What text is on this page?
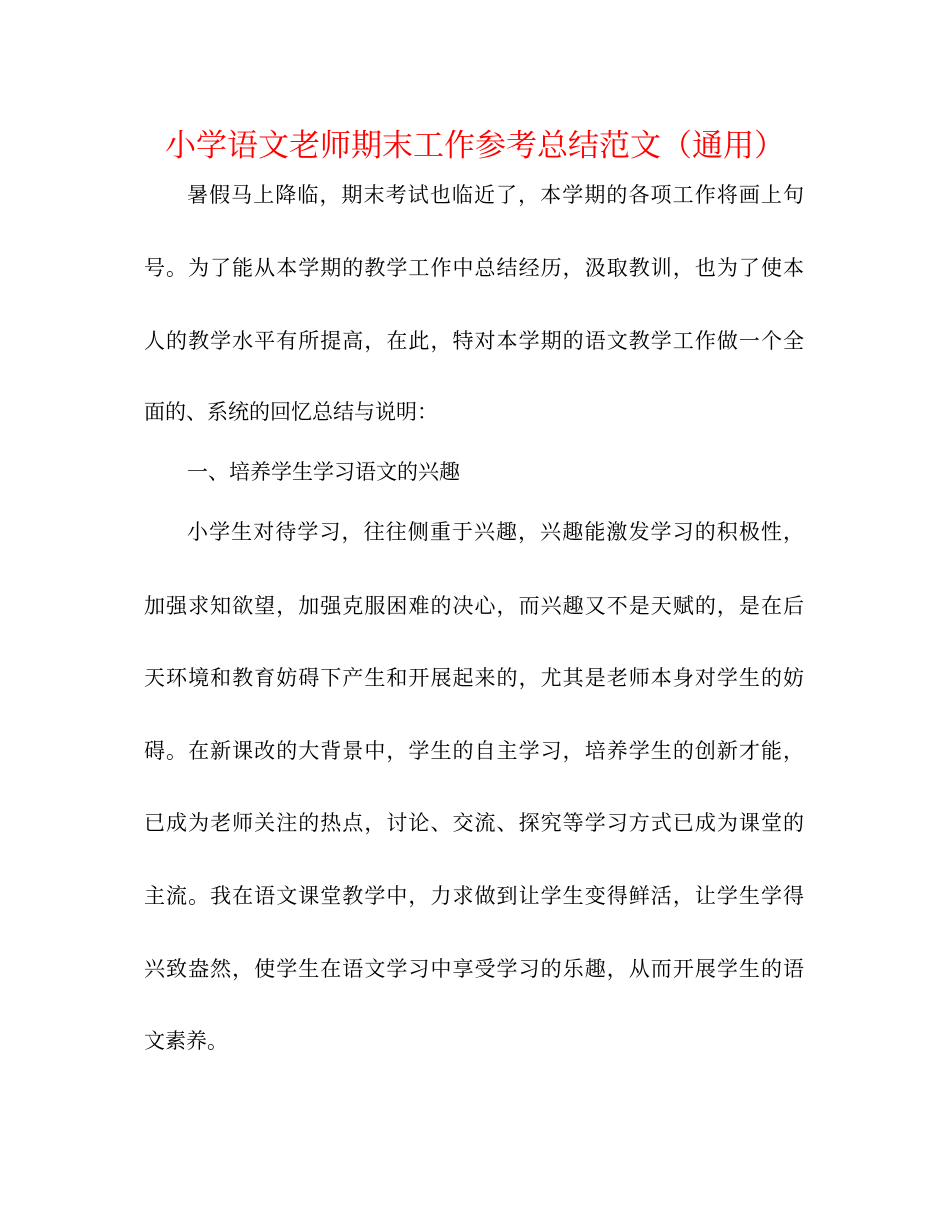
小学语文老师期末工作参考总结范文（通用）
暑假马上降临，期末考试也临近了，本学期的各项工作将画上句
号。为了能从本学期的教学工作中总结经历，汲取教训，也为了使本
人的教学水平有所提高，在此，特对本学期的语文教学工作做一个全
面的、系统的回忆总结与说明：
一、培养学生学习语文的兴趣
小学生对待学习，往往侧重于兴趣，兴趣能激发学习的积极性，
加强求知欲望，加强克服困难的决心，而兴趣又不是天赋的，是在后
天环境和教育妨碍下产生和开展起来的，尤其是老师本身对学生的妨
碍。在新课改的大背景中，学生的自主学习，培养学生的创新才能，
已成为老师关注的热点，讨论、交流、探究等学习方式已成为课堂的
主流。我在语文课堂教学中，力求做到让学生变得鲜活，让学生学得
兴致盎然，使学生在语文学习中享受学习的乐趣，从而开展学生的语
文素养。
